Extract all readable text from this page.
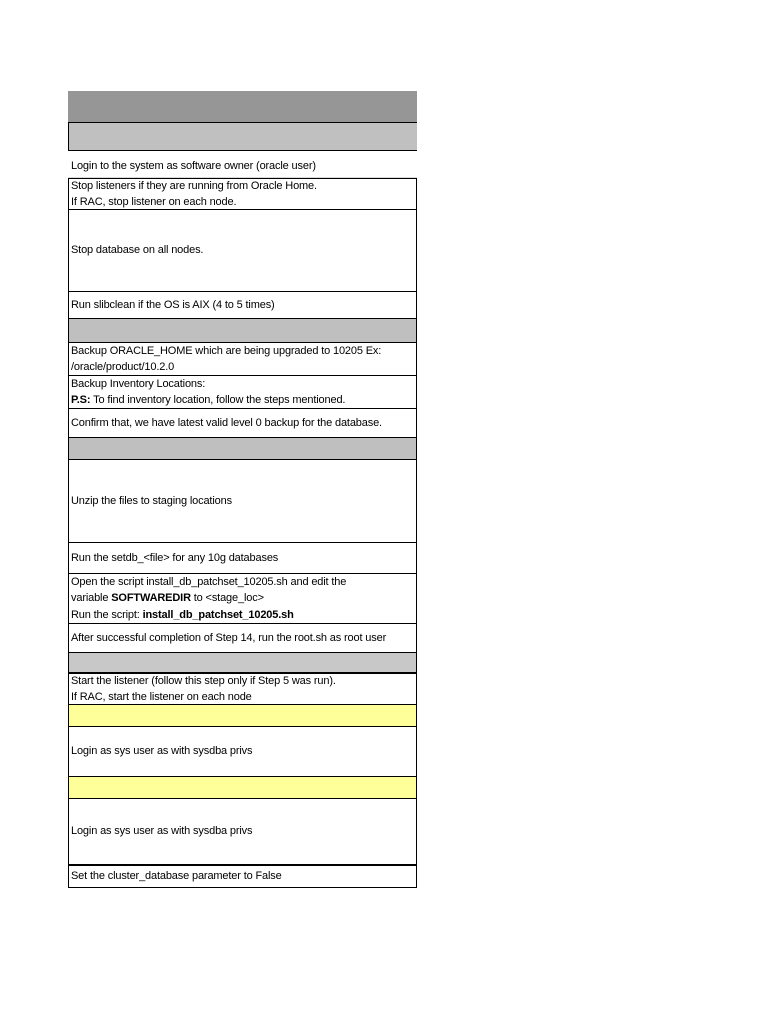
Login to the system as software owner (oracle user)
Stop listeners if they are running from Oracle Home.
If RAC, stop listener on each node.
Stop database on all nodes.
Run slibclean if the OS is AIX (4 to 5 times)
Backup ORACLE_HOME which are being upgraded to 10205 Ex:
/oracle/product/10.2.0
Backup Inventory Locations:
P.S: To find inventory location, follow the steps mentioned.
Confirm that, we have latest valid level 0 backup for the database.
Unzip the files to staging locations
Run the setdb_<file> for any 10g databases
Open the script install_db_patchset_10205.sh and edit the
variable SOFTWAREDIR to <stage_loc>
Run the script: install_db_patchset_10205.sh
After successful completion of Step 14, run the root.sh as root user
Start the listener (follow this step only if Step 5 was run).
If RAC, start the listener on each node
Login as sys user as with sysdba privs
Login as sys user as with sysdba privs
Set the cluster_database parameter to False
